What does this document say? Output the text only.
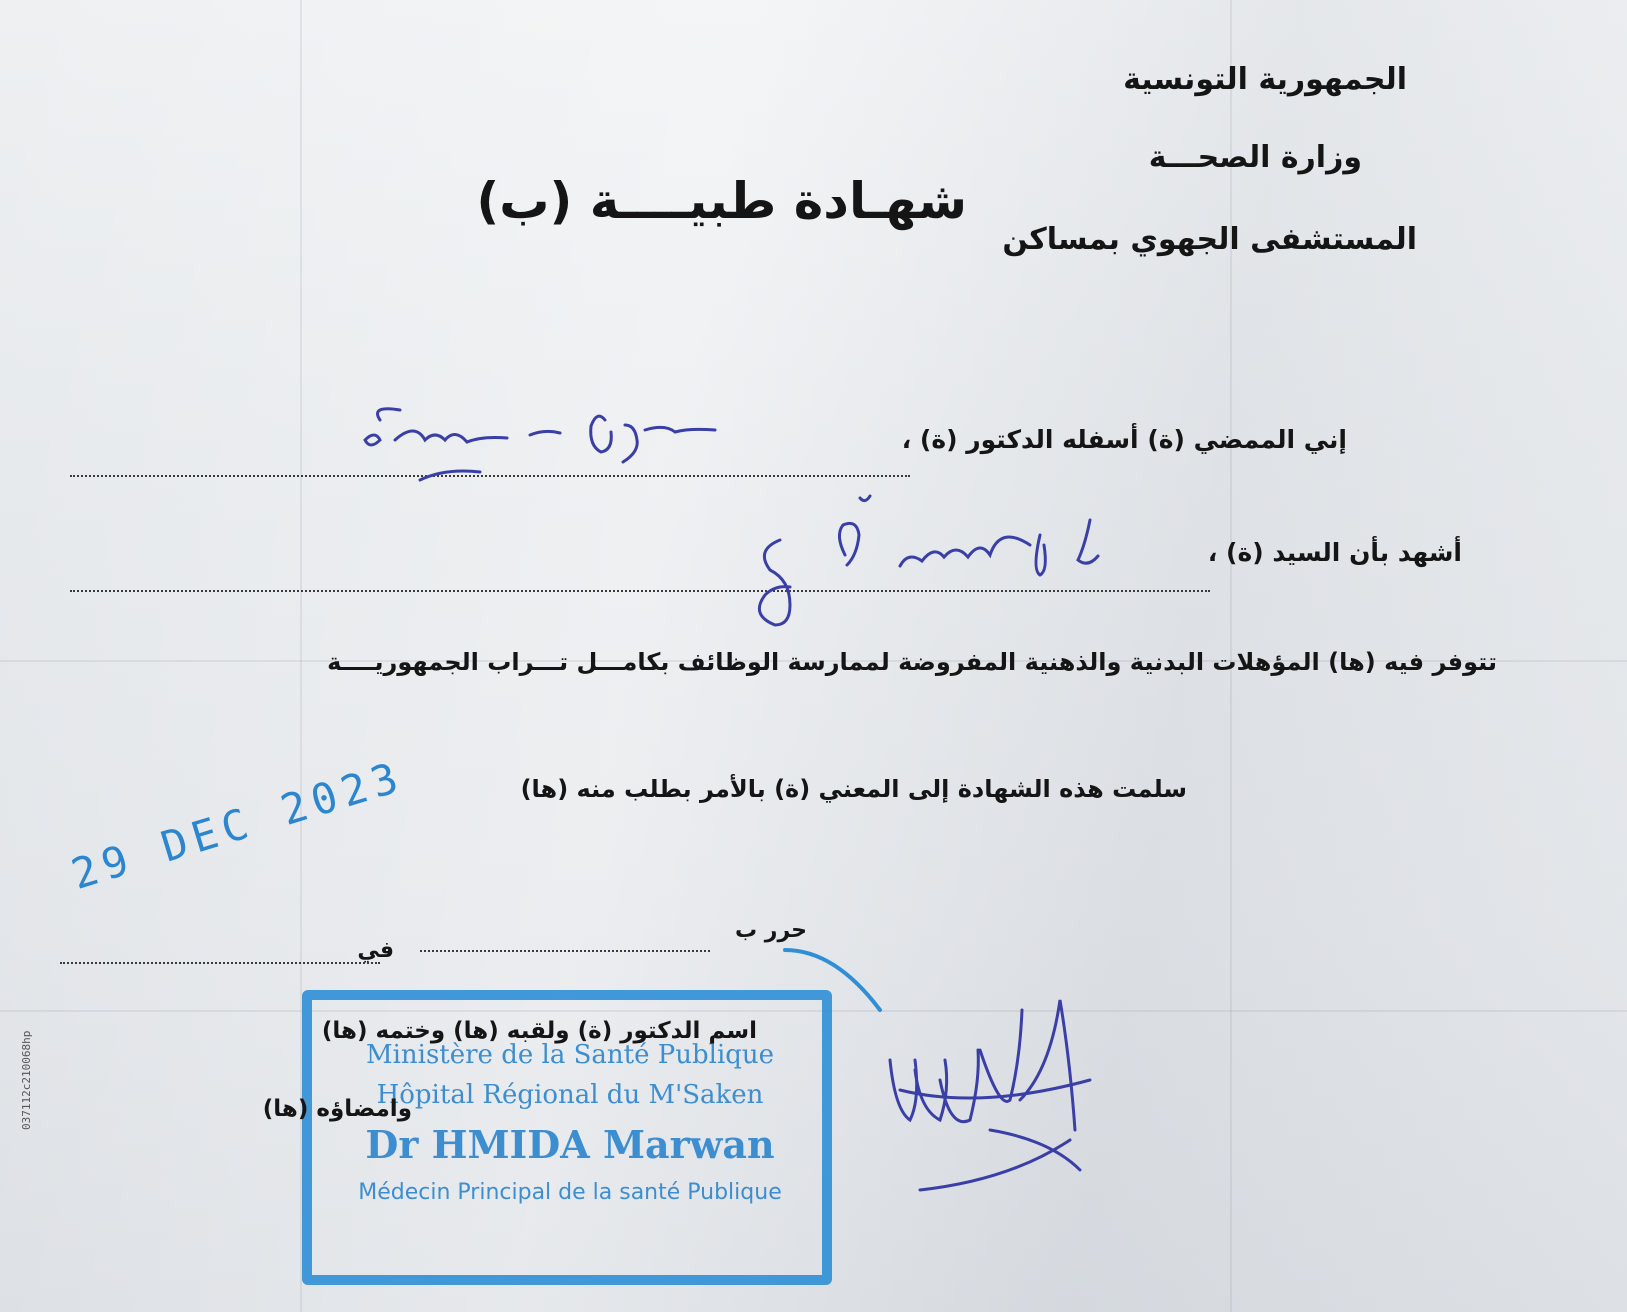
الجمهورية التونسية
وزارة الصحـــة
المستشفى الجهوي بمساكن
شهـادة طبيــــة (ب)
إني الممضي (ة) أسفله الدكتور (ة) ،
أشهد بأن السيد (ة) ،
تتوفر فيه (ها) المؤهلات البدنية والذهنية المفروضة لممارسة الوظائف بكامـــل تـــراب الجمهوريــــة
سلمت هذه الشهادة إلى المعني (ة) بالأمر بطلب منه (ها)
29 DEC 2023
حرر ب
في
Ministère de la Santé Publique
Hôpital Régional du M'Saken
Dr HMIDA Marwan
Médecin Principal de la santé Publique
اسم الدكتور (ة) ولقبه (ها) وختمه (ها)
وامضاؤه (ها)
037112c210068hp
